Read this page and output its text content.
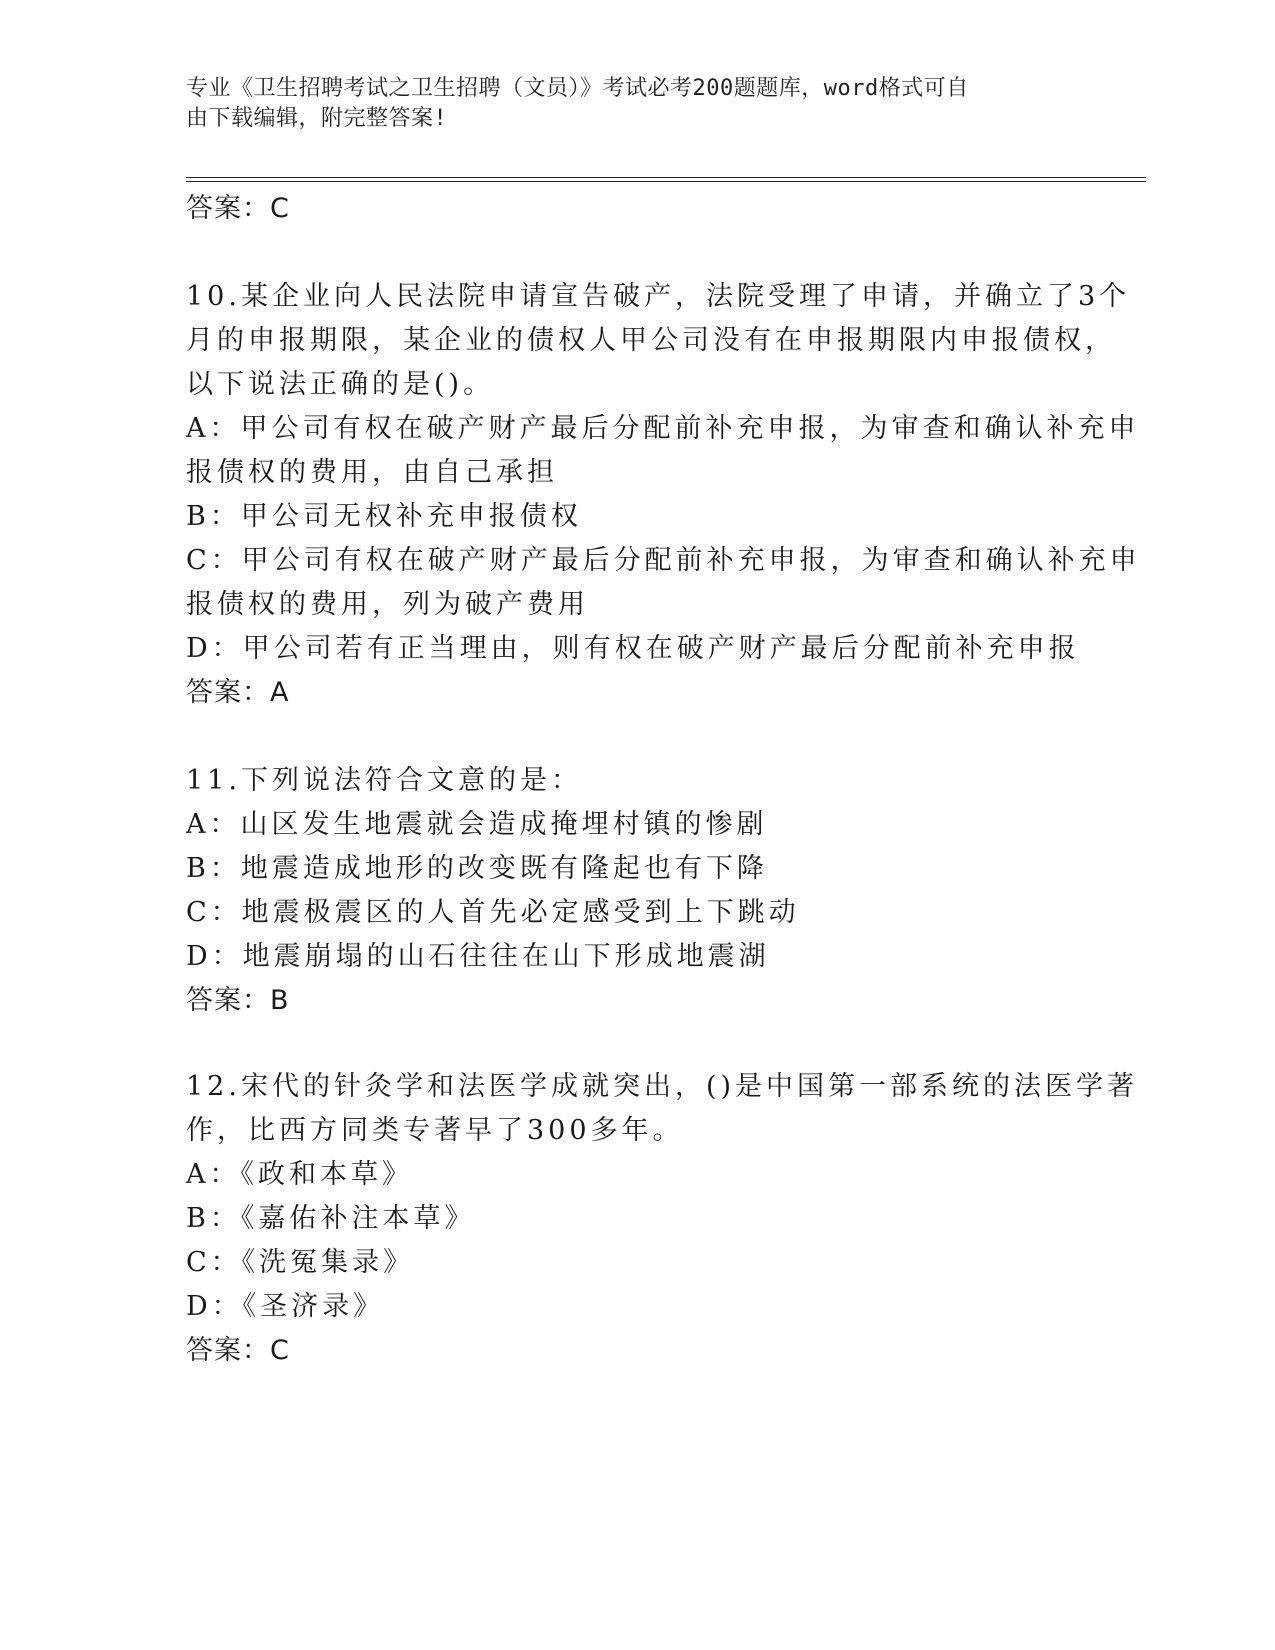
专业《卫生招聘考试之卫生招聘（文员）》考试必考200题题库，word格式可自
由下载编辑，附完整答案!
答案：C
10.某企业向人民法院申请宣告破产，法院受理了申请，并确立了3个
月的申报期限，某企业的债权人甲公司没有在申报期限内申报债权，
以下说法正确的是()。
A：甲公司有权在破产财产最后分配前补充申报，为审查和确认补充申
报债权的费用，由自己承担
B：甲公司无权补充申报债权
C：甲公司有权在破产财产最后分配前补充申报，为审查和确认补充申
报债权的费用，列为破产费用
D：甲公司若有正当理由，则有权在破产财产最后分配前补充申报
答案：A
11.下列说法符合文意的是：
A：山区发生地震就会造成掩埋村镇的惨剧
B：地震造成地形的改变既有隆起也有下降
C：地震极震区的人首先必定感受到上下跳动
D：地震崩塌的山石往往在山下形成地震湖
答案：B
12.宋代的针灸学和法医学成就突出，()是中国第一部系统的法医学著
作，比西方同类专著早了300多年。
A：《政和本草》
B：《嘉佑补注本草》
C：《洗冤集录》
D：《圣济录》
答案：C
